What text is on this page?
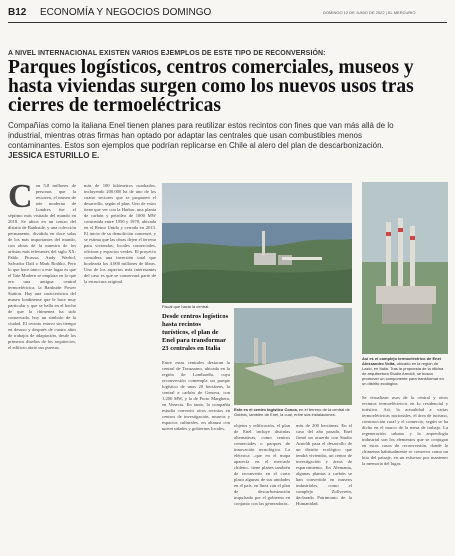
B12 ECONOMÍA Y NEGOCIOS DOMINGO	DOMINGO 12 DE JUNIO DE 2022 | EL MERCURIO
A NIVEL INTERNACIONAL EXISTEN VARIOS EJEMPLOS DE ESTE TIPO DE RECONVERSIÓN:
Parques logísticos, centros comerciales, museos y hasta viviendas surgen como los nuevos usos tras cierres de termoeléctricas
Compañías como la italiana Enel tienen planes para reutilizar estos recintos con fines que van más allá de lo industrial, mientras otras firmas han optado por adaptar las centrales que usan combustibles menos contaminantes. Estos son ejemplos que podrían replicarse en Chile al alero del plan de descarbonización. JESSICA ESTURILLO E.
C on 5,8 millones de personas que la recorren, el museo de arte moderno de Londres fue el séptimo más visitado del mundo en 2018. Se ubica en un centro del distrito de Bankside, y una colección permanente, dividida en doce salas de los más importantes del mundo, con obras de la muestra de los artistas más relevantes del siglo XX: Pablo Picasso, Andy Warhol, Salvador Dalí o Mark Rothko. Pero lo que hace único a este lugar es que el Tate Modern se emplaza en lo que era una antigua central termoeléctrica, la Bankside Power Station. Hay una característica del museo londinense que le hace muy particular y que se halla en el hecho de que la chimenea ha sido conservada, hoy un símbolo de la ciudad. El recinto estuvo sin tiempo en desuso y después de cuatro años de trabajos de adaptación, desde los primeros diseños de los arquitectos, el edificio abrió sus puertas.
más de 100 kilómetros cuadrados, incluyendo 200.000 ha de uno de los cuatro sectores que se proponen el desarrollo, según el plan. Uno de estos tiene que ver con la Harbor, una planta de carbón y petróleo de 1000 MW construida entre 1950 y 1970, ubicada en el Reino Unido y cerrada en 2013. El inicio de su demolición comenzó, y se estima que las obras dejen el terreno para viviendas, locales comerciales, oficinas y espacios verdes. El proyecto considera una inversión total que bordearía los 4.000 millones de libras. Uno de los aspectos más interesantes del caso es que se conservará parte de la estructura original.
Fiscal que hacia la central.
Desde centros logísticos hasta recintos turísticos, el plan de Enel para transformar 23 centrales en Italia
Este es el centro logístico Conca, en el terreno de la central de Gubbio, también de Enel, la cual, entre sus instalaciones.
Entre estas centrales destacan la central de Tavazzano, ubicada en la región de Lombardía, cuya reconversión contempla un parque logístico de unas 20 hectáreas, la central a carbón de Genova, con 1.200 MW, y la de Porto Marghera, en Venecia. En tanto, la compañía estudia convertir otros recintos en centros de investigación, museos y espacios culturales, en alianza con universidades y gobiernos locales.
objetos y edificación, el plan de Enel incluye distintas alternativas, como centros comerciales o parques de innovación tecnológica. La eléctrica –que en el mapa aparecía en el mercado chileno– tiene planes también de reconvertir en el corto plazo algunas de sus unidades en el país, en línea con el plan de descarbonización impulsado por el gobierno en conjunto con las generadoras.
más de 200 hectáreas. En el caso del año pasado, Enel firmó un acuerdo con Studio Arnoldi para el desarrollo de un distrito ecológico que tendrá viviendas, un centro de investigación y áreas de esparcimiento. En Alemania, algunas plantas a carbón se han convertido en museos industriales, como el complejo Zollverein, declarado Patrimonio de la Humanidad.
Así es el complejo termoeléctrico de Enel Alessandro Volta, ubicado en la región de Lazio, en Italia. Tras la propuesta de la oficina de arquitectura Studio Arnoldi, se busca promover un componente para transformar en un distrito ecológico.
Se visualizan usos de la central y otros recintos termoeléctricos en lo residencial y turístico. Así, la actualidad a varias termoeléctricas nacionales, el área de turismo, construcción rural y el comercio, según se ha dicho en el marco de la mesa de trabajo. La regeneración urbana y la arqueología industrial son los elementos que se conjugan en estos casos de reconversión, donde la chimenea habitualmente se conserva como un hito del paisaje, en un esfuerzo por mantener la memoria del lugar.
